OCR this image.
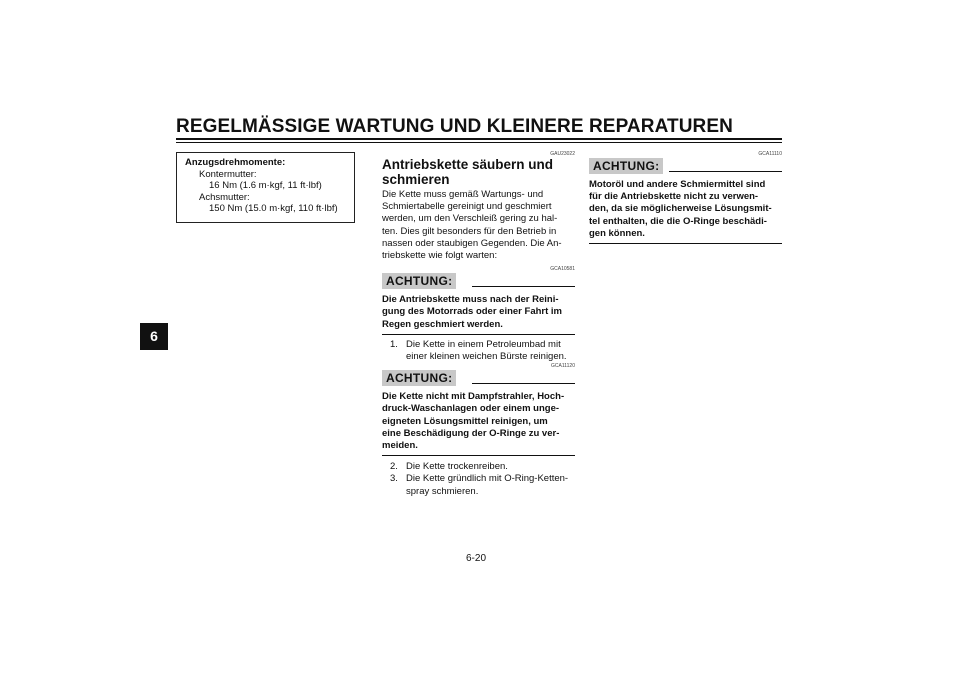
REGELMÄSSIGE WARTUNG UND KLEINERE REPARATUREN
6
Anzugsdrehmomente:
Kontermutter:
16 Nm (1.6 m·kgf, 11 ft·lbf)
Achsmutter:
150 Nm (15.0 m·kgf, 110 ft·lbf)
GAU23022
Antriebskette säubern und
schmieren
Die Kette muss gemäß Wartungs- und
Schmiertabelle gereinigt und geschmiert
werden, um den Verschleiß gering zu hal-
ten. Dies gilt besonders für den Betrieb in
nassen oder staubigen Gegenden. Die An-
triebskette wie folgt warten:
GCA10581
ACHTUNG:
Die Antriebskette muss nach der Reini-
gung des Motorrads oder einer Fahrt im
Regen geschmiert werden.
1. Die Kette in einem Petroleumbad mit
einer kleinen weichen Bürste reinigen.
GCA11120
ACHTUNG:
Die Kette nicht mit Dampfstrahler, Hoch-
druck-Waschanlagen oder einem unge-
eigneten Lösungsmittel reinigen, um
eine Beschädigung der O-Ringe zu ver-
meiden.
2. Die Kette trockenreiben.
3. Die Kette gründlich mit O-Ring-Ketten-
spray schmieren.
GCA11110
ACHTUNG:
Motoröl und andere Schmiermittel sind
für die Antriebskette nicht zu verwen-
den, da sie möglicherweise Lösungsmit-
tel enthalten, die die O-Ringe beschädi-
gen können.
6-20
